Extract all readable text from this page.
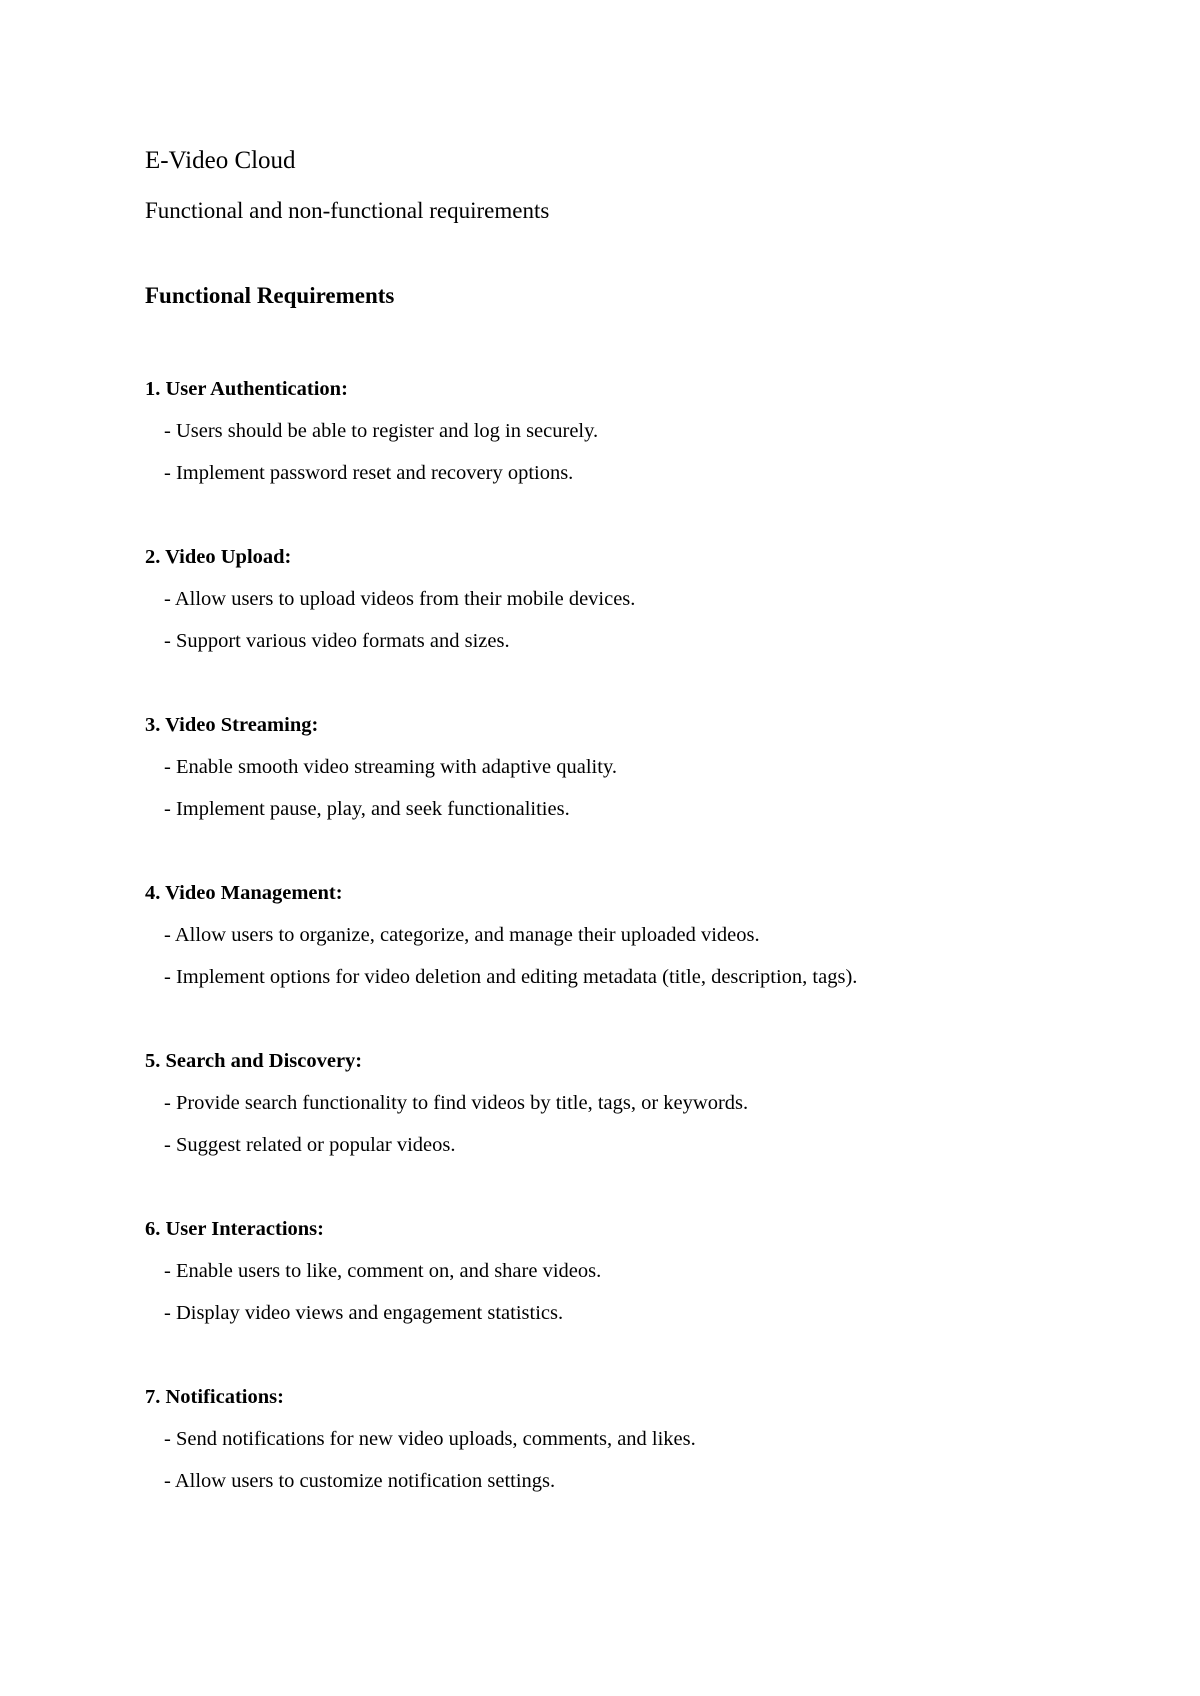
E-Video Cloud
Functional and non-functional requirements
Functional Requirements
1. User Authentication:
- Users should be able to register and log in securely.
- Implement password reset and recovery options.
2. Video Upload:
- Allow users to upload videos from their mobile devices.
- Support various video formats and sizes.
3. Video Streaming:
- Enable smooth video streaming with adaptive quality.
- Implement pause, play, and seek functionalities.
4. Video Management:
- Allow users to organize, categorize, and manage their uploaded videos.
- Implement options for video deletion and editing metadata (title, description, tags).
5. Search and Discovery:
- Provide search functionality to find videos by title, tags, or keywords.
- Suggest related or popular videos.
6. User Interactions:
- Enable users to like, comment on, and share videos.
- Display video views and engagement statistics.
7. Notifications:
- Send notifications for new video uploads, comments, and likes.
- Allow users to customize notification settings.
